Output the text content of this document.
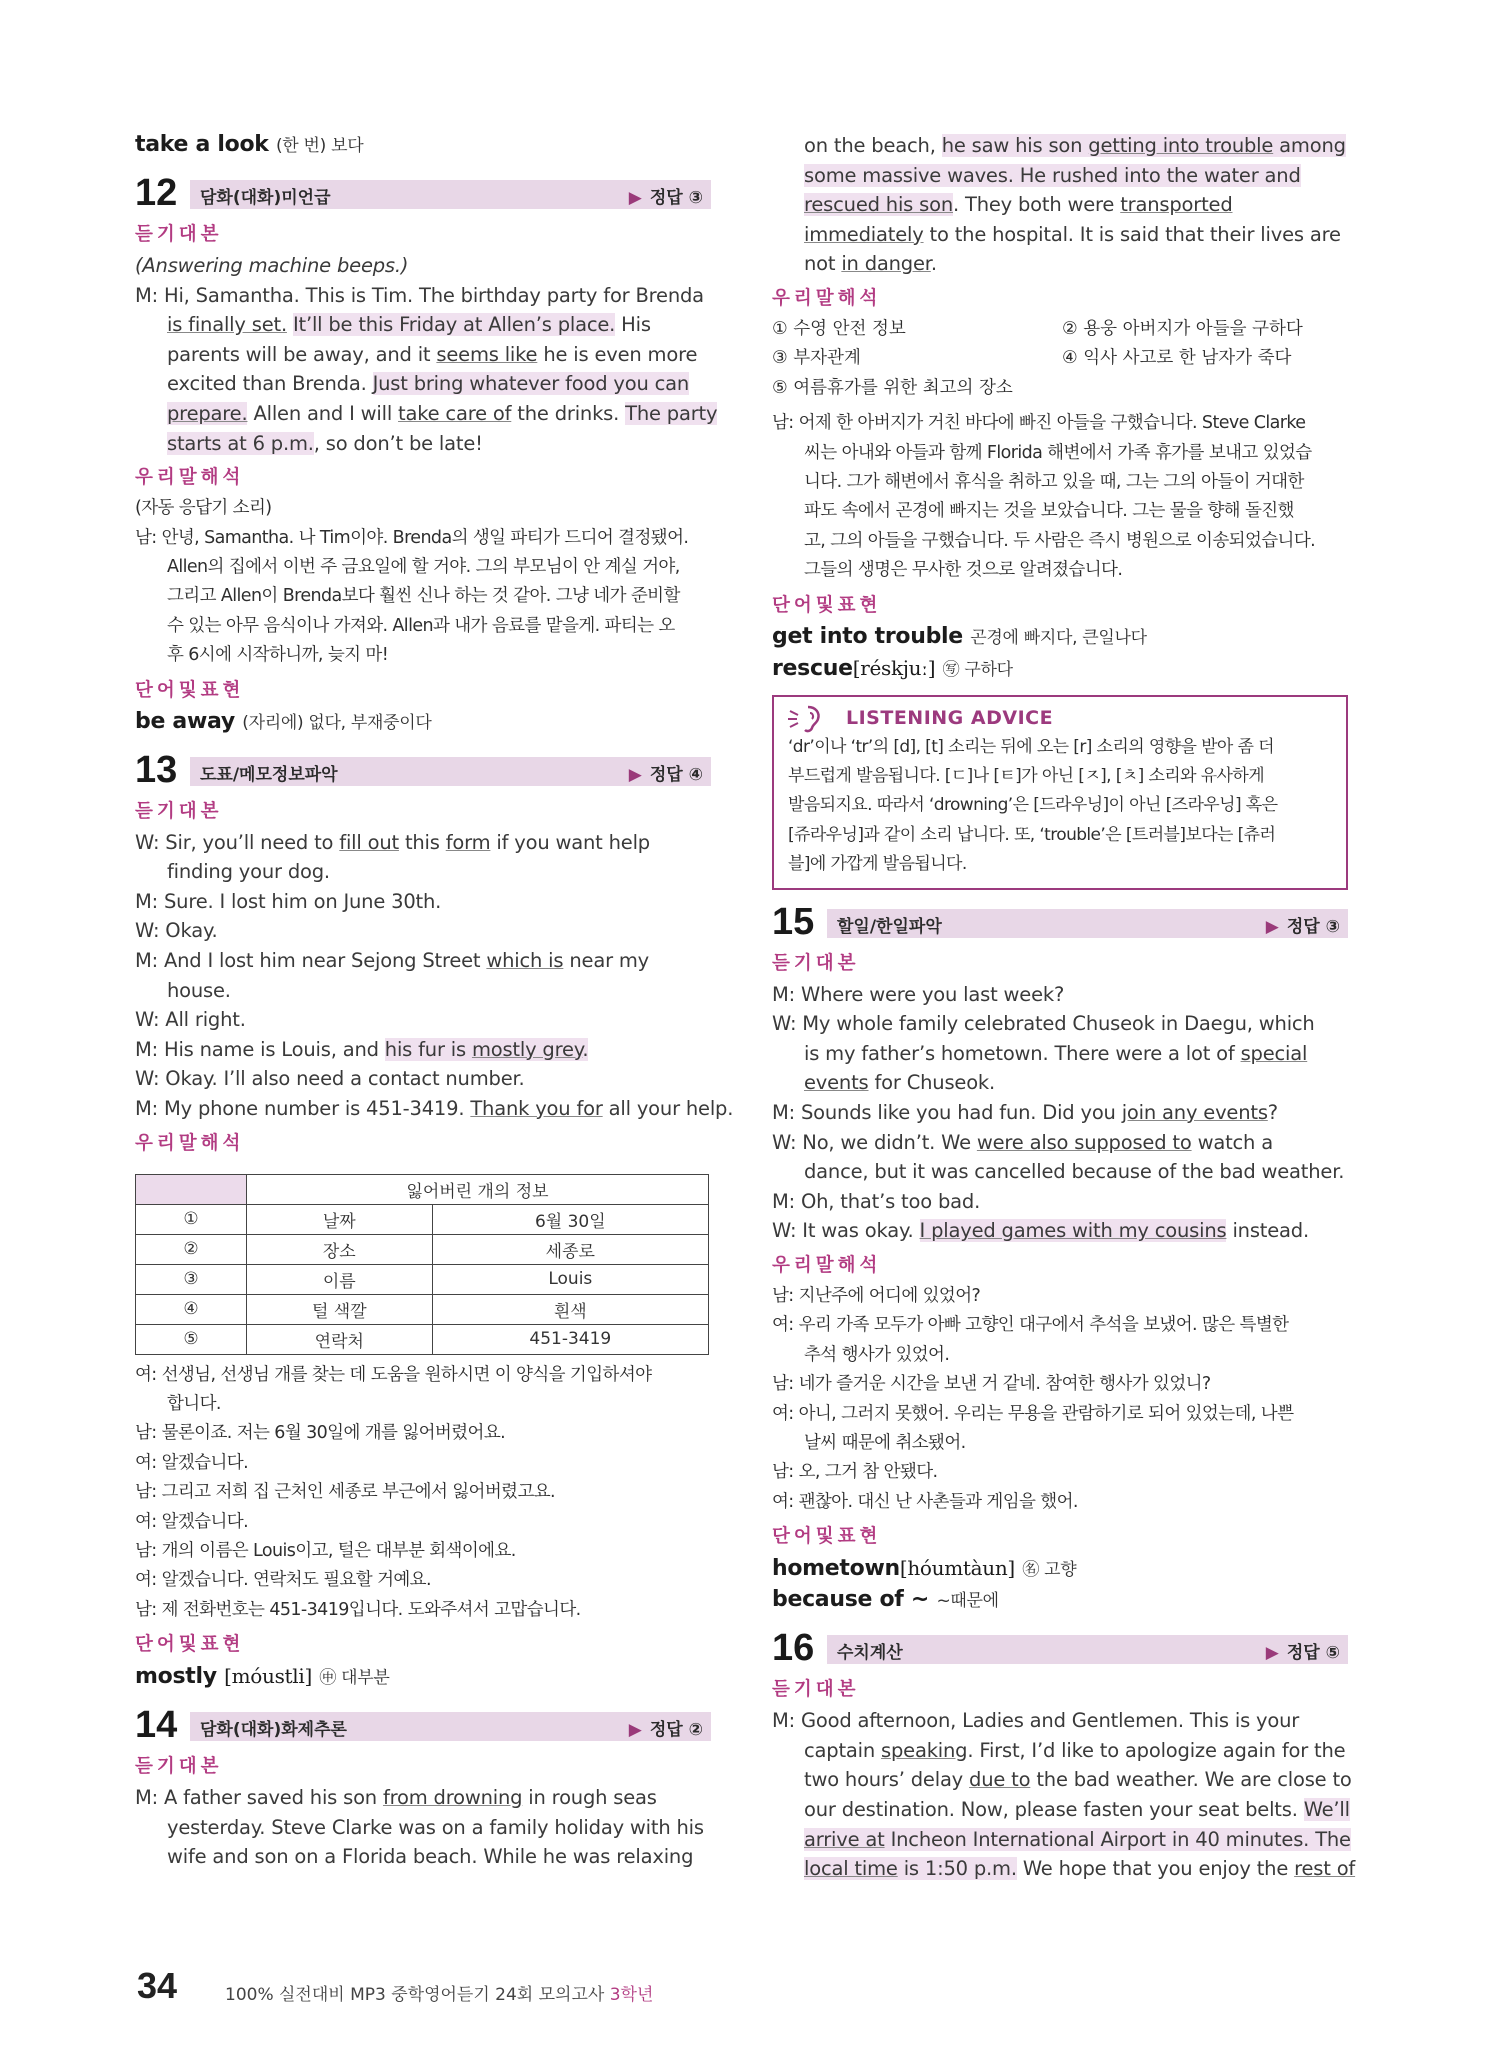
take a look (한 번) 보다
12 담화(대화)미언급	▶ 정답 ③
듣기대본
(Answering machine beeps.)
M: Hi, Samantha. This is Tim. The birthday party for Brenda
is finally set. It’ll be this Friday at Allen’s place. His
parents will be away, and it seems like he is even more
excited than Brenda. Just bring whatever food you can
prepare. Allen and I will take care of the drinks. The party
starts at 6 p.m., so don’t be late!
우리말해석
(자동 응답기 소리)
남: 안녕, Samantha. 나 Tim이야. Brenda의 생일 파티가 드디어 결정됐어.
Allen의 집에서 이번 주 금요일에 할 거야. 그의 부모님이 안 계실 거야,
그리고 Allen이 Brenda보다 훨씬 신나 하는 것 같아. 그냥 네가 준비할
수 있는 아무 음식이나 가져와. Allen과 내가 음료를 맡을게. 파티는 오
후 6시에 시작하니까, 늦지 마!
단어및표현
be away (자리에) 없다, 부재중이다
13 도표/메모정보파악	▶ 정답 ④
듣기대본
W: Sir, you’ll need to fill out this form if you want help
finding your dog.
M: Sure. I lost him on June 30th.
W: Okay.
M: And I lost him near Sejong Street which is near my
house.
W: All right.
M: His name is Louis, and his fur is mostly grey.
W: Okay. I’ll also need a contact number.
M: My phone number is 451-3419. Thank you for all your help.
우리말해석
	잃어버린 개의 정보	
①	날짜	6월 30일
②	장소	세종로
③	이름	Louis
④	털 색깔	흰색
⑤	연락처	451-3419
여: 선생님, 선생님 개를 찾는 데 도움을 원하시면 이 양식을 기입하셔야
합니다.
남: 물론이죠. 저는 6월 30일에 개를 잃어버렸어요.
여: 알겠습니다.
남: 그리고 저희 집 근처인 세종로 부근에서 잃어버렸고요.
여: 알겠습니다.
남: 개의 이름은 Louis이고, 털은 대부분 회색이에요.
여: 알겠습니다. 연락처도 필요할 거예요.
남: 제 전화번호는 451-3419입니다. 도와주셔서 고맙습니다.
단어및표현
mostly [móustli] ㊥ 대부분
14 담화(대화)화제추론	▶ 정답 ②
듣기대본
M: A father saved his son from drowning in rough seas
yesterday. Steve Clarke was on a family holiday with his
wife and son on a Florida beach. While he was relaxing
on the beach, he saw his son getting into trouble among
some massive waves. He rushed into the water and
rescued his son. They both were transported
immediately to the hospital. It is said that their lives are
not in danger.
우리말해석
① 수영 안전 정보	② 용웅 아버지가 아들을 구하다
③ 부자관계	④ 익사 사고로 한 남자가 죽다
⑤ 여름휴가를 위한 최고의 장소
남: 어제 한 아버지가 거친 바다에 빠진 아들을 구했습니다. Steve Clarke
씨는 아내와 아들과 함께 Florida 해변에서 가족 휴가를 보내고 있었습
니다. 그가 해변에서 휴식을 취하고 있을 때, 그는 그의 아들이 거대한
파도 속에서 곤경에 빠지는 것을 보았습니다. 그는 물을 향해 돌진했
고, 그의 아들을 구했습니다. 두 사람은 즉시 병원으로 이송되었습니다.
그들의 생명은 무사한 것으로 알려졌습니다.
단어및표현
get into trouble 곤경에 빠지다, 큰일나다
rescue[réskjuː] ㊢ 구하다
LISTENING ADVICE
‘dr’이나 ‘tr’의 [d], [t] 소리는 뒤에 오는 [r] 소리의 영향을 받아 좀 더
부드럽게 발음됩니다. [ㄷ]나 [ㅌ]가 아닌 [ㅈ], [ㅊ] 소리와 유사하게
발음되지요. 따라서 ‘drowning’은 [드라우닝]이 아닌 [즈라우닝] 혹은
[쥬라우닝]과 같이 소리 납니다. 또, ‘trouble’은 [트러블]보다는 [츄러
블]에 가깝게 발음됩니다.
15 할일/한일파악	▶ 정답 ③
듣기대본
M: Where were you last week?
W: My whole family celebrated Chuseok in Daegu, which
is my father’s hometown. There were a lot of special
events for Chuseok.
M: Sounds like you had fun. Did you join any events?
W: No, we didn’t. We were also supposed to watch a
dance, but it was cancelled because of the bad weather.
M: Oh, that’s too bad.
W: It was okay. I played games with my cousins instead.
우리말해석
남: 지난주에 어디에 있었어?
여: 우리 가족 모두가 아빠 고향인 대구에서 추석을 보냈어. 많은 특별한
추석 행사가 있었어.
남: 네가 즐거운 시간을 보낸 거 같네. 참여한 행사가 있었니?
여: 아니, 그러지 못했어. 우리는 무용을 관람하기로 되어 있었는데, 나쁜
날씨 때문에 취소됐어.
남: 오, 그거 참 안됐다.
여: 괜찮아. 대신 난 사촌들과 게임을 했어.
단어및표현
hometown[hóumtàun] ㊔ 고향
because of ~ ~때문에
16 수치계산	▶ 정답 ⑤
듣기대본
M: Good afternoon, Ladies and Gentlemen. This is your
captain speaking. First, I’d like to apologize again for the
two hours’ delay due to the bad weather. We are close to
our destination. Now, please fasten your seat belts. We’ll
arrive at Incheon International Airport in 40 minutes. The
local time is 1:50 p.m. We hope that you enjoy the rest of
34	100% 실전대비 MP3 중학영어듣기 24회 모의고사 3학년
